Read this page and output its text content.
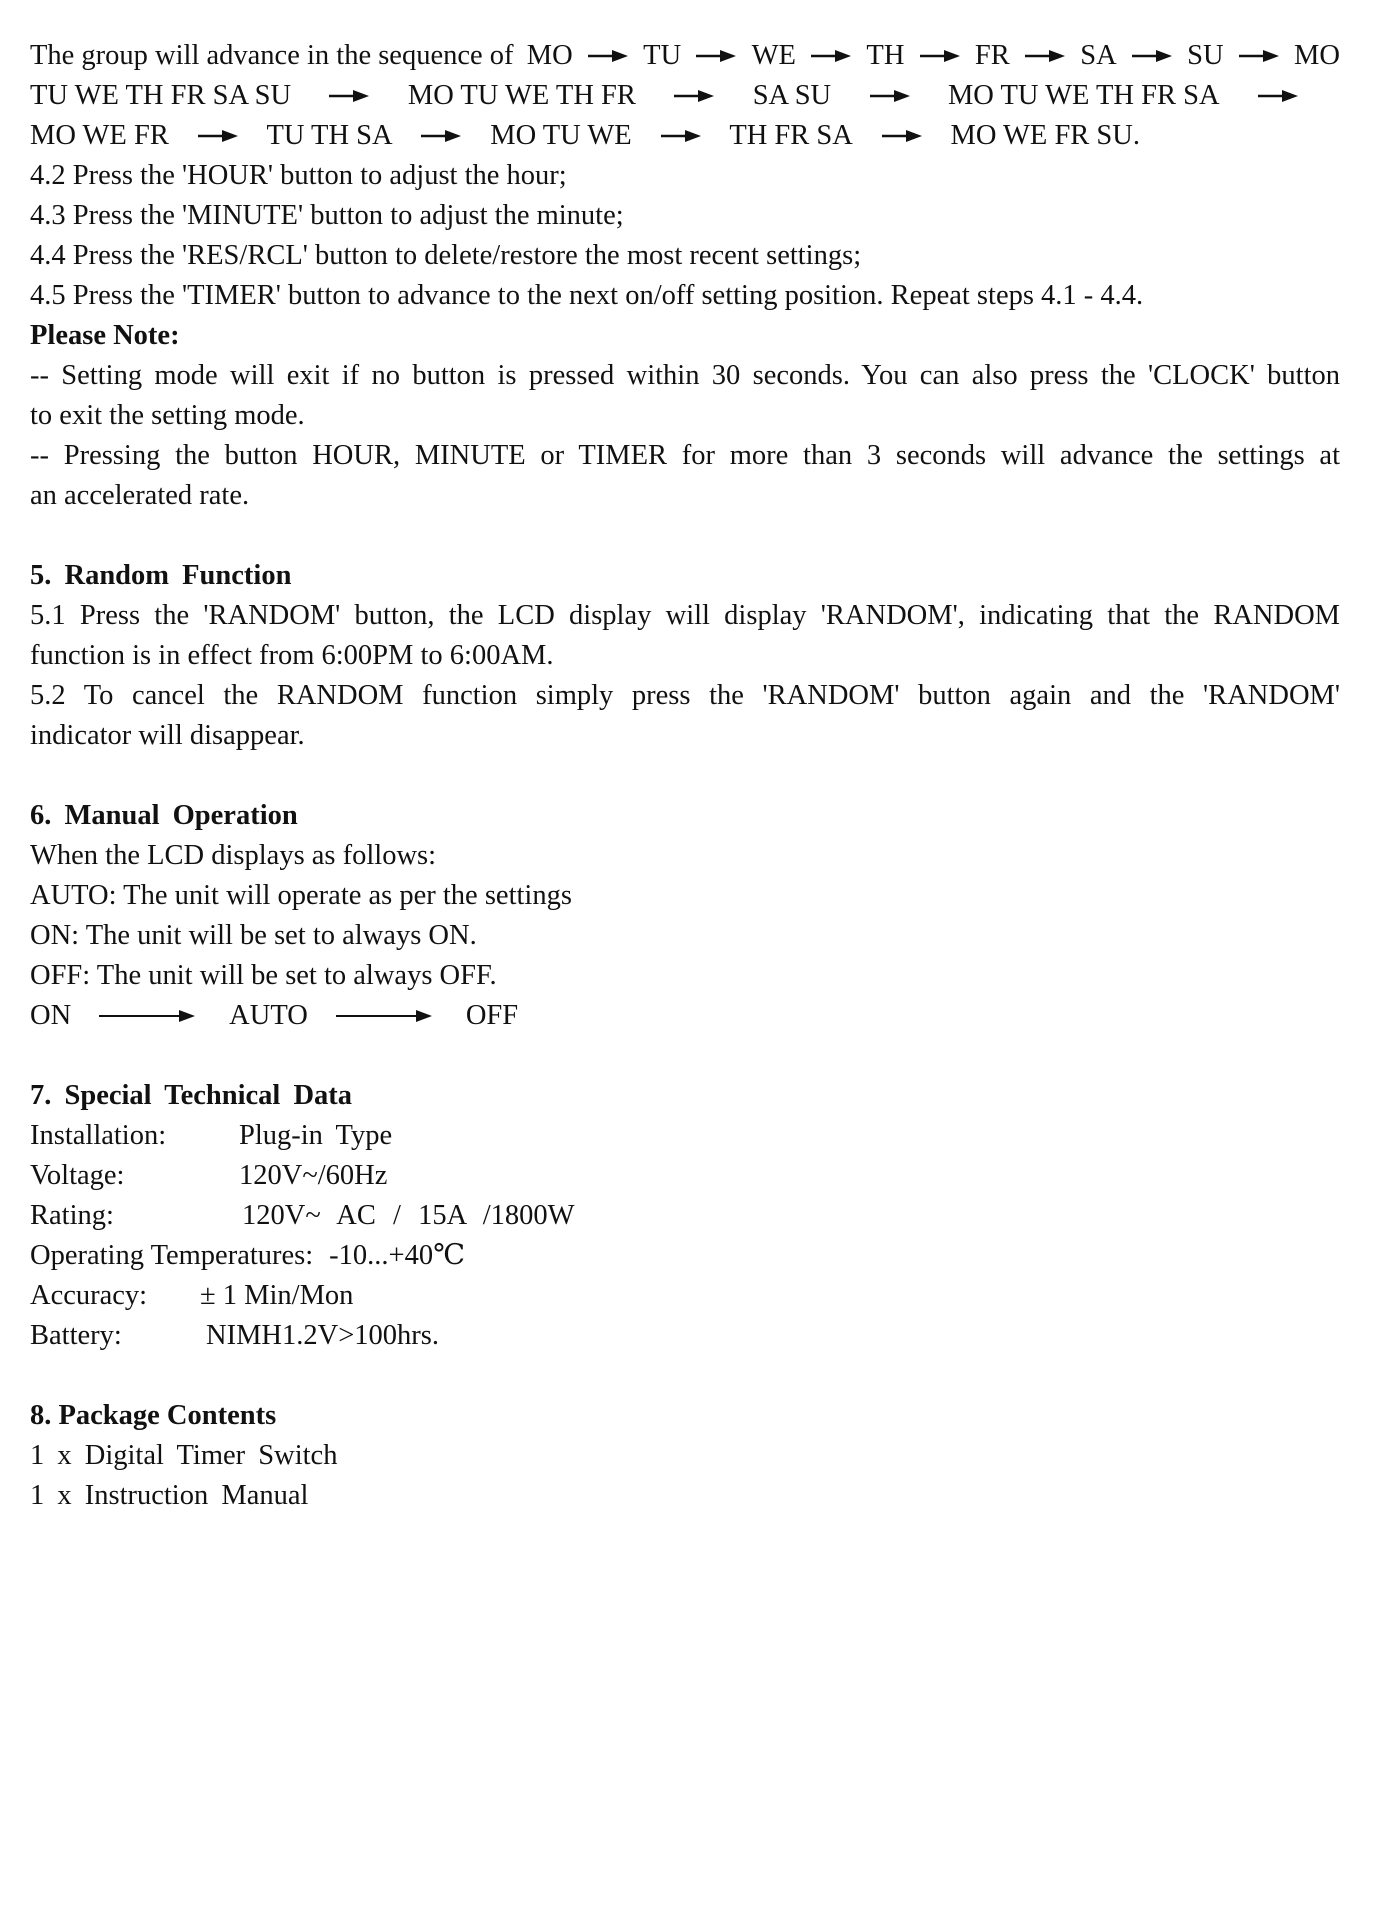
The group will advance in the sequence of MO TU WE TH FR SA SU MO
TU WE TH FR SA SU	MO TU WE TH FR	SA SU	MO TU WE TH FR SA
MO WE FR	TU TH SA	MO TU WE	TH FR SA	MO WE FR SU.
4.2 Press the 'HOUR' button to adjust the hour;
4.3 Press the 'MINUTE' button to adjust the minute;
4.4 Press the 'RES/RCL' button to delete/restore the most recent settings;
4.5 Press the 'TIMER' button to advance to the next on/off setting position. Repeat steps 4.1 - 4.4.
Please Note:
-- Setting mode will exit if no button is pressed within 30 seconds. You can also press the 'CLOCK' button
to exit the setting mode.
-- Pressing the button HOUR, MINUTE or TIMER for more than 3 seconds will advance the settings at
an accelerated rate.
5. Random Function
5.1 Press the 'RANDOM' button, the LCD display will display 'RANDOM', indicating that the RANDOM
function is in effect from 6:00PM to 6:00AM.
5.2 To cancel the RANDOM function simply press the 'RANDOM' button again and the 'RANDOM'
indicator will disappear.
6. Manual Operation
When the LCD displays as follows:
AUTO: The unit will operate as per the settings
ON: The unit will be set to always ON.
OFF: The unit will be set to always OFF.
ON	AUTO	OFF
7. Special Technical Data
Installation:	Plug-in Type
Voltage:	120V~/60Hz
Rating:	120V~ AC / 15A /1800W
Operating Temperatures: -10...+40℃
Accuracy:	± 1 Min/Mon
Battery:	NIMH1.2V>100hrs.
8. Package Contents
1 x Digital Timer Switch
1 x Instruction Manual
